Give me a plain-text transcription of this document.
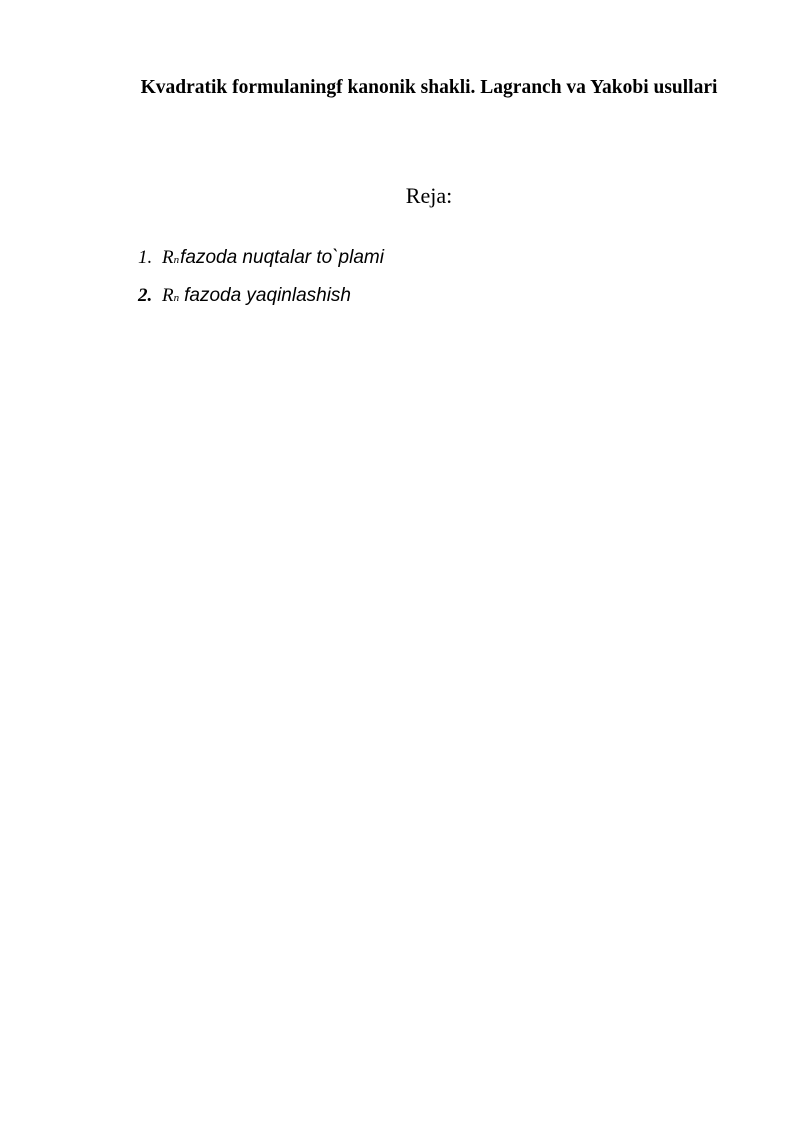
Kvadratik formulaningf kanonik shakli. Lagranch va Yakobi usullari
Reja:
1. R n fazoda nuqtalar to`plami
2. R n fazoda yaqinlashish
